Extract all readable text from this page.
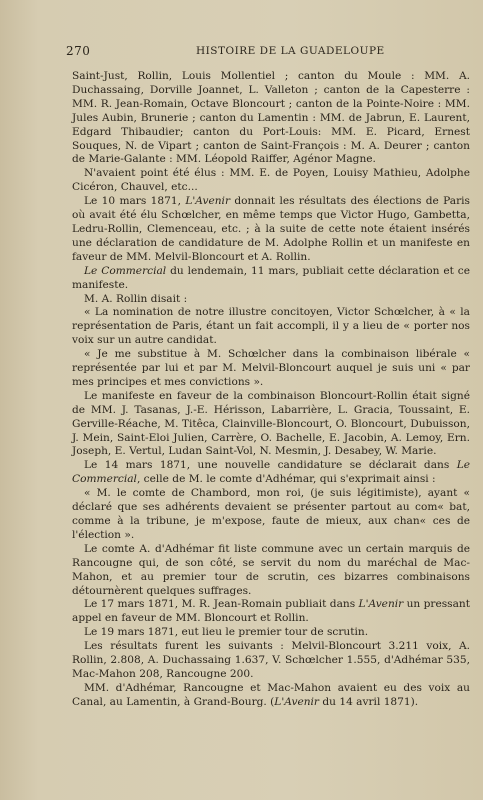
270	HISTOIRE DE LA GUADELOUPE

Saint-Just, Rollin, Louis Mollentiel ; canton du Moule : MM. A. Duchassaing, Dorville Joannet, L. Valleton ; canton de la Capesterre : MM. R. Jean-Romain, Octave Bloncourt ; canton de la Pointe-Noire : MM. Jules Aubin, Brunerie ; canton du Lamentin : MM. de Jabrun, E. Laurent, Edgard Thibaudier; canton du Port-Louis: MM. E. Picard, Ernest Souques, N. de Vipart ; canton de Saint-François : M. A. Deurer ; canton de Marie-Galante : MM. Léopold Raiffer, Agénor Magne.

N'avaient point été élus : MM. E. de Poyen, Louisy Mathieu, Adolphe Cicéron, Chauvel, etc...

Le 10 mars 1871, L'Avenir donnait les résultats des élections de Paris où avait été élu Schœlcher, en même temps que Victor Hugo, Gambetta, Ledru-Rollin, Clemenceau, etc. ; à la suite de cette note étaient insérés une déclaration de candidature de M. Adolphe Rollin et un manifeste en faveur de MM. Melvil-Bloncourt et A. Rollin.

Le Commercial du lendemain, 11 mars, publiait cette déclaration et ce manifeste.

M. A. Rollin disait :

« La nomination de notre illustre concitoyen, Victor Schœlcher, à « la représentation de Paris, étant un fait accompli, il y a lieu de « porter nos voix sur un autre candidat.

« Je me substitue à M. Schœlcher dans la combinaison libérale « représentée par lui et par M. Melvil-Bloncourt auquel je suis uni « par mes principes et mes convictions ».

Le manifeste en faveur de la combinaison Bloncourt-Rollin était signé de MM. J. Tasanas, J.-E. Hérisson, Labarrière, L. Gracia, Toussaint, E. Gerville-Réache, M. Titêca, Clainville-Bloncourt, O. Bloncourt, Dubuisson, J. Mein, Saint-Eloi Julien, Carrère, O. Bachelle, E. Jacobin, A. Lemoy, Ern. Joseph, E. Vertul, Ludan Saint-Vol, N. Mesmin, J. Desabey, W. Marie.

Le 14 mars 1871, une nouvelle candidature se déclarait dans Le Commercial, celle de M. le comte d'Adhémar, qui s'exprimait ainsi :

« M. le comte de Chambord, mon roi, (je suis légitimiste), ayant « déclaré que ses adhérents devaient se présenter partout au com« bat, comme à la tribune, je m'expose, faute de mieux, aux chan« ces de l'élection ».

Le comte A. d'Adhémar fit liste commune avec un certain marquis de Rancougne qui, de son côté, se servit du nom du maréchal de Mac-Mahon, et au premier tour de scrutin, ces bizarres combinaisons détournèrent quelques suffrages.

Le 17 mars 1871, M. R. Jean-Romain publiait dans L'Avenir un pressant appel en faveur de MM. Bloncourt et Rollin.

Le 19 mars 1871, eut lieu le premier tour de scrutin.

Les résultats furent les suivants : Melvil-Bloncourt 3.211 voix, A. Rollin, 2.808, A. Duchassaing 1.637, V. Schœlcher 1.555, d'Adhémar 535, Mac-Mahon 208, Rancougne 200.

MM. d'Adhémar, Rancougne et Mac-Mahon avaient eu des voix au Canal, au Lamentin, à Grand-Bourg. (L'Avenir du 14 avril 1871).
